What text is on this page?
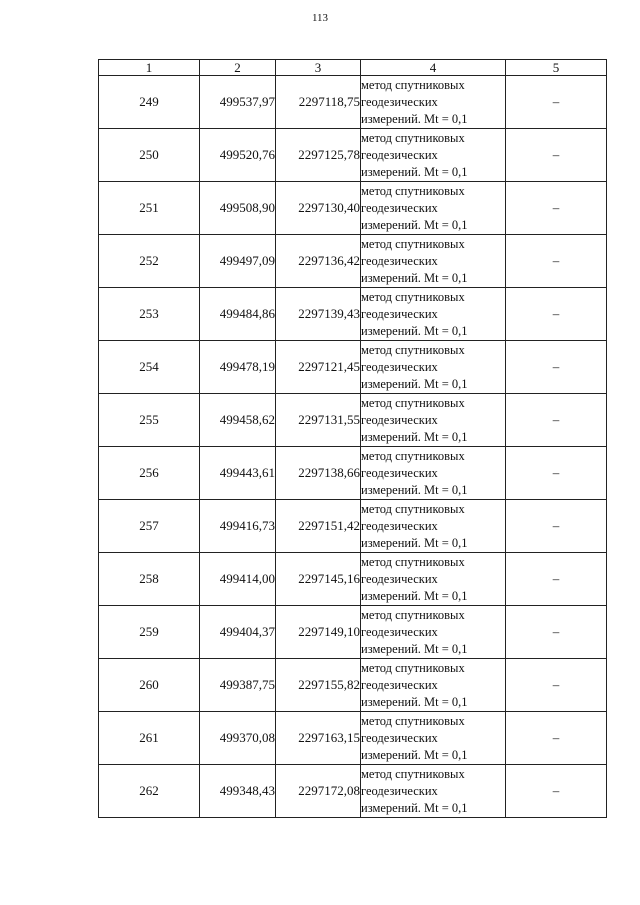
113
1	2	3	4	5
249	499537,97	2297118,75	метод спутниковых
геодезических
измерений. Mt = 0,1	–
250	499520,76	2297125,78	метод спутниковых
геодезических
измерений. Mt = 0,1	–
251	499508,90	2297130,40	метод спутниковых
геодезических
измерений. Mt = 0,1	–
252	499497,09	2297136,42	метод спутниковых
геодезических
измерений. Mt = 0,1	–
253	499484,86	2297139,43	метод спутниковых
геодезических
измерений. Mt = 0,1	–
254	499478,19	2297121,45	метод спутниковых
геодезических
измерений. Mt = 0,1	–
255	499458,62	2297131,55	метод спутниковых
геодезических
измерений. Mt = 0,1	–
256	499443,61	2297138,66	метод спутниковых
геодезических
измерений. Mt = 0,1	–
257	499416,73	2297151,42	метод спутниковых
геодезических
измерений. Mt = 0,1	–
258	499414,00	2297145,16	метод спутниковых
геодезических
измерений. Mt = 0,1	–
259	499404,37	2297149,10	метод спутниковых
геодезических
измерений. Mt = 0,1	–
260	499387,75	2297155,82	метод спутниковых
геодезических
измерений. Mt = 0,1	–
261	499370,08	2297163,15	метод спутниковых
геодезических
измерений. Mt = 0,1	–
262	499348,43	2297172,08	метод спутниковых
геодезических
измерений. Mt = 0,1	–
